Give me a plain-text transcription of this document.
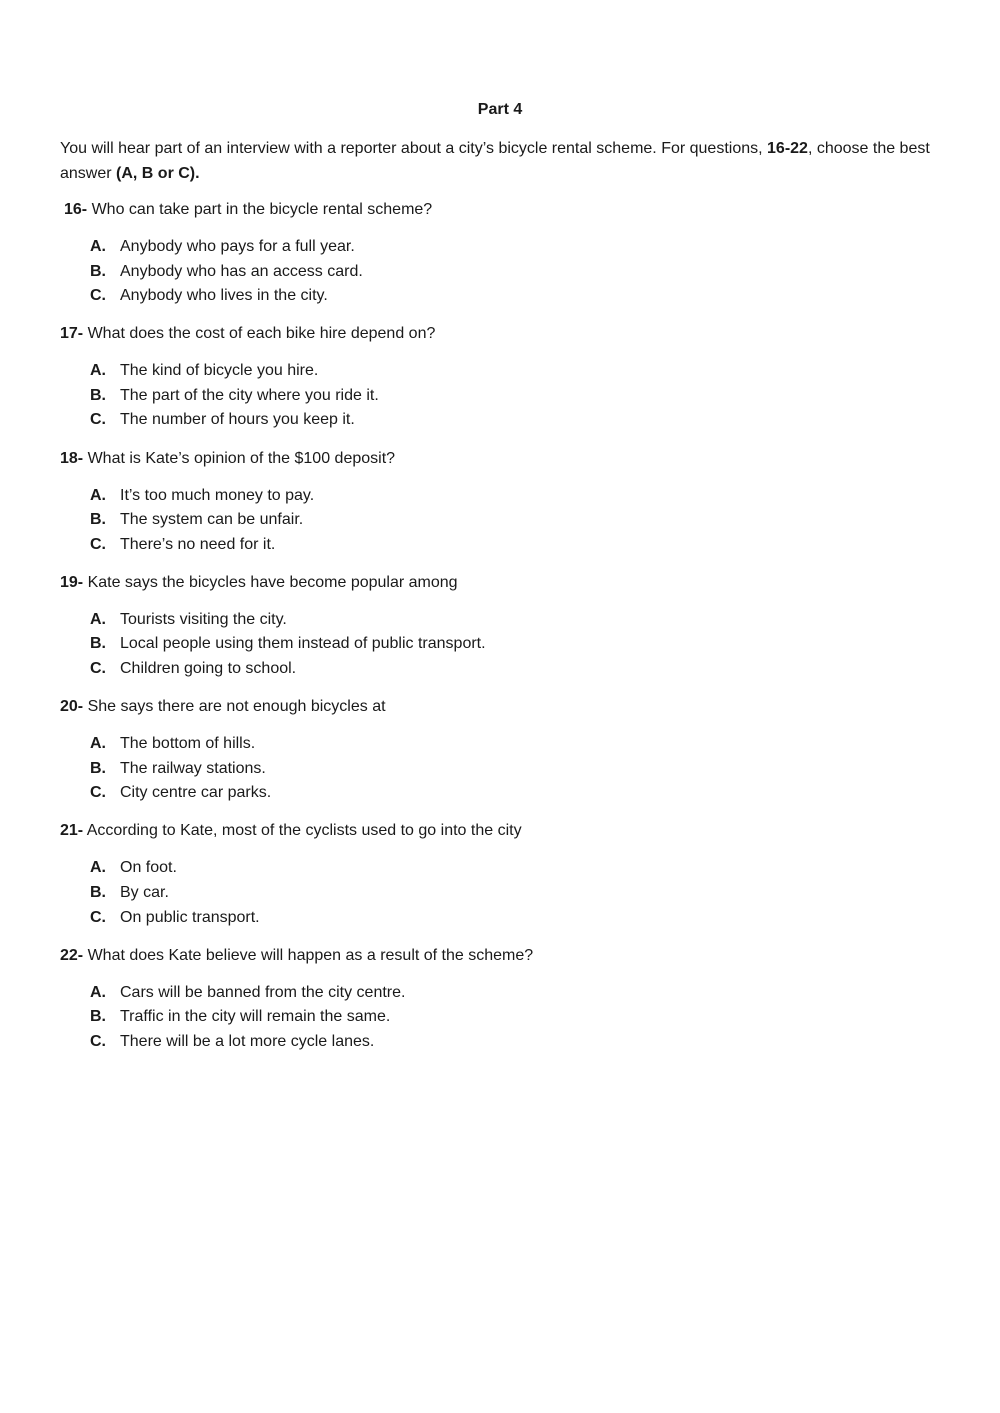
Part 4
You will hear part of an interview with a reporter about a city’s bicycle rental scheme. For questions, 16-22, choose the best answer (A, B or C).
16- Who can take part in the bicycle rental scheme?
A. Anybody who pays for a full year.
B. Anybody who has an access card.
C. Anybody who lives in the city.
17- What does the cost of each bike hire depend on?
A. The kind of bicycle you hire.
B. The part of the city where you ride it.
C. The number of hours you keep it.
18- What is Kate’s opinion of the $100 deposit?
A. It’s too much money to pay.
B. The system can be unfair.
C. There’s no need for it.
19- Kate says the bicycles have become popular among
A. Tourists visiting the city.
B. Local people using them instead of public transport.
C. Children going to school.
20- She says there are not enough bicycles at
A. The bottom of hills.
B. The railway stations.
C. City centre car parks.
21- According to Kate, most of the cyclists used to go into the city
A. On foot.
B. By car.
C. On public transport.
22- What does Kate believe will happen as a result of the scheme?
A. Cars will be banned from the city centre.
B. Traffic in the city will remain the same.
C. There will be a lot more cycle lanes.
